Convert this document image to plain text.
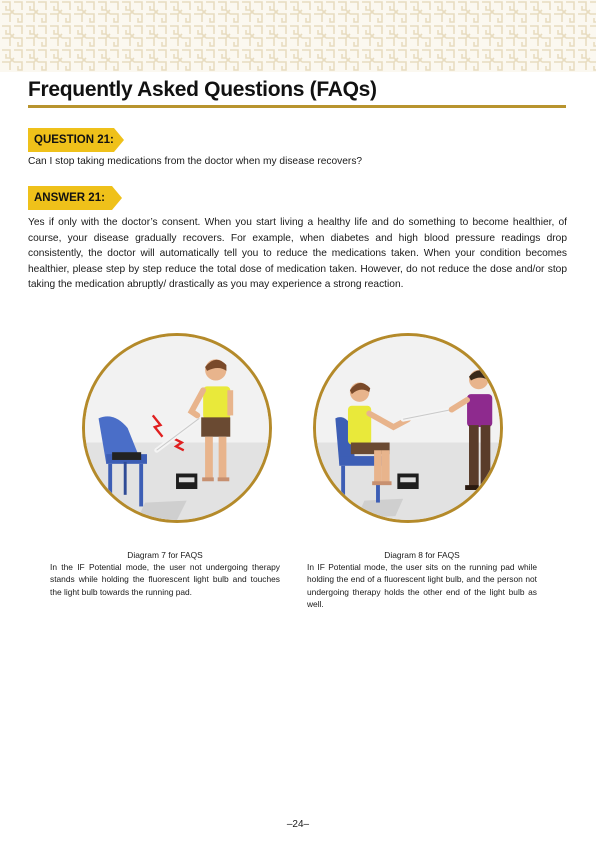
Frequently Asked Questions (FAQs)
QUESTION 21:
Can I stop taking medications from the doctor when my disease recovers?
ANSWER 21:
Yes if only with the doctor’s consent. When you start living a healthy life and do something to become healthier, of course, your disease gradually recovers. For example, when diabetes and high blood pressure readings drop consistently, the doctor will automatically tell you to reduce the medications taken. When your condition becomes healthier, please step by step reduce the total dose of medication taken. However, do not reduce the dose and/or stop taking the medication abruptly/ drastically as you may experience a strong reaction.
Diagram 7 for FAQS
In the IF Potential mode, the user not undergoing therapy stands while holding the fluorescent light bulb and touches the light bulb towards the running pad.
Diagram 8 for FAQS
In IF Potential mode, the user sits on the running pad while holding the end of a fluorescent light bulb, and the person not undergoing therapy holds the other end of the light bulb as well.
–24–
